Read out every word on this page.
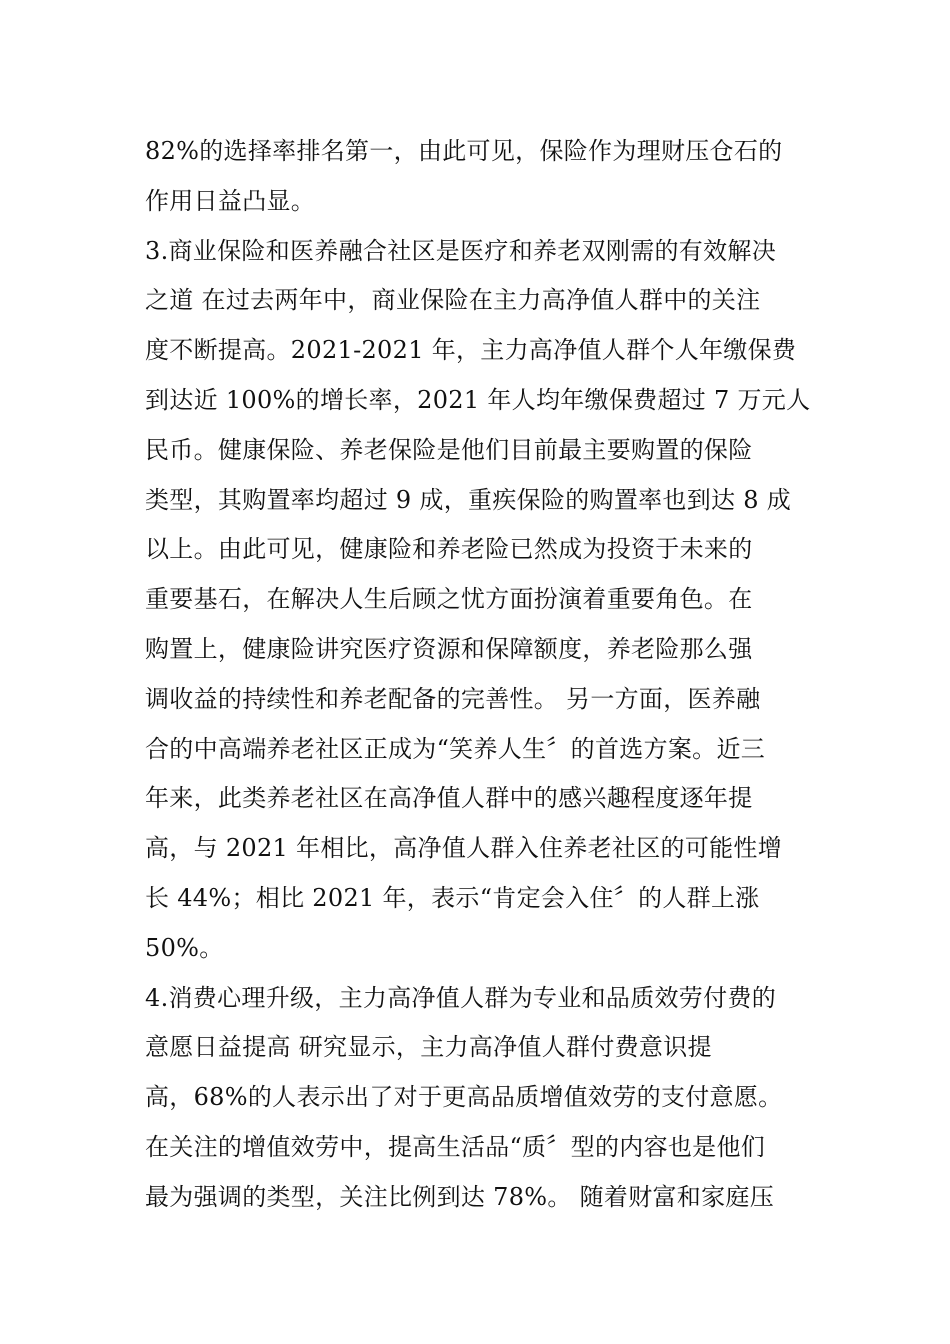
82%的选择率排名第一，由此可见，保险作为理财压仓石的
作用日益凸显。
3.商业保险和医养融合社区是医疗和养老双刚需的有效解决
之道 在过去两年中，商业保险在主力高净值人群中的关注
度不断提高。2021-2021 年，主力高净值人群个人年缴保费
到达近 100%的增长率，2021 年人均年缴保费超过 7 万元人
民币。健康保险、养老保险是他们目前最主要购置的保险
类型，其购置率均超过 9 成，重疾保险的购置率也到达 8 成
以上。由此可见，健康险和养老险已然成为投资于未来的
重要基石，在解决人生后顾之忧方面扮演着重要角色。在
购置上，健康险讲究医疗资源和保障额度，养老险那么强
调收益的持续性和养老配备的完善性。 另一方面，医养融
合的中高端养老社区正成为“笑养人生〞的首选方案。近三
年来，此类养老社区在高净值人群中的感兴趣程度逐年提
高，与 2021 年相比，高净值人群入住养老社区的可能性增
长 44%；相比 2021 年，表示“肯定会入住〞的人群上涨
50%。
4.消费心理升级，主力高净值人群为专业和品质效劳付费的
意愿日益提高 研究显示，主力高净值人群付费意识提
高，68%的人表示出了对于更高品质增值效劳的支付意愿。
在关注的增值效劳中，提高生活品“质〞型的内容也是他们
最为强调的类型，关注比例到达 78%。 随着财富和家庭压
